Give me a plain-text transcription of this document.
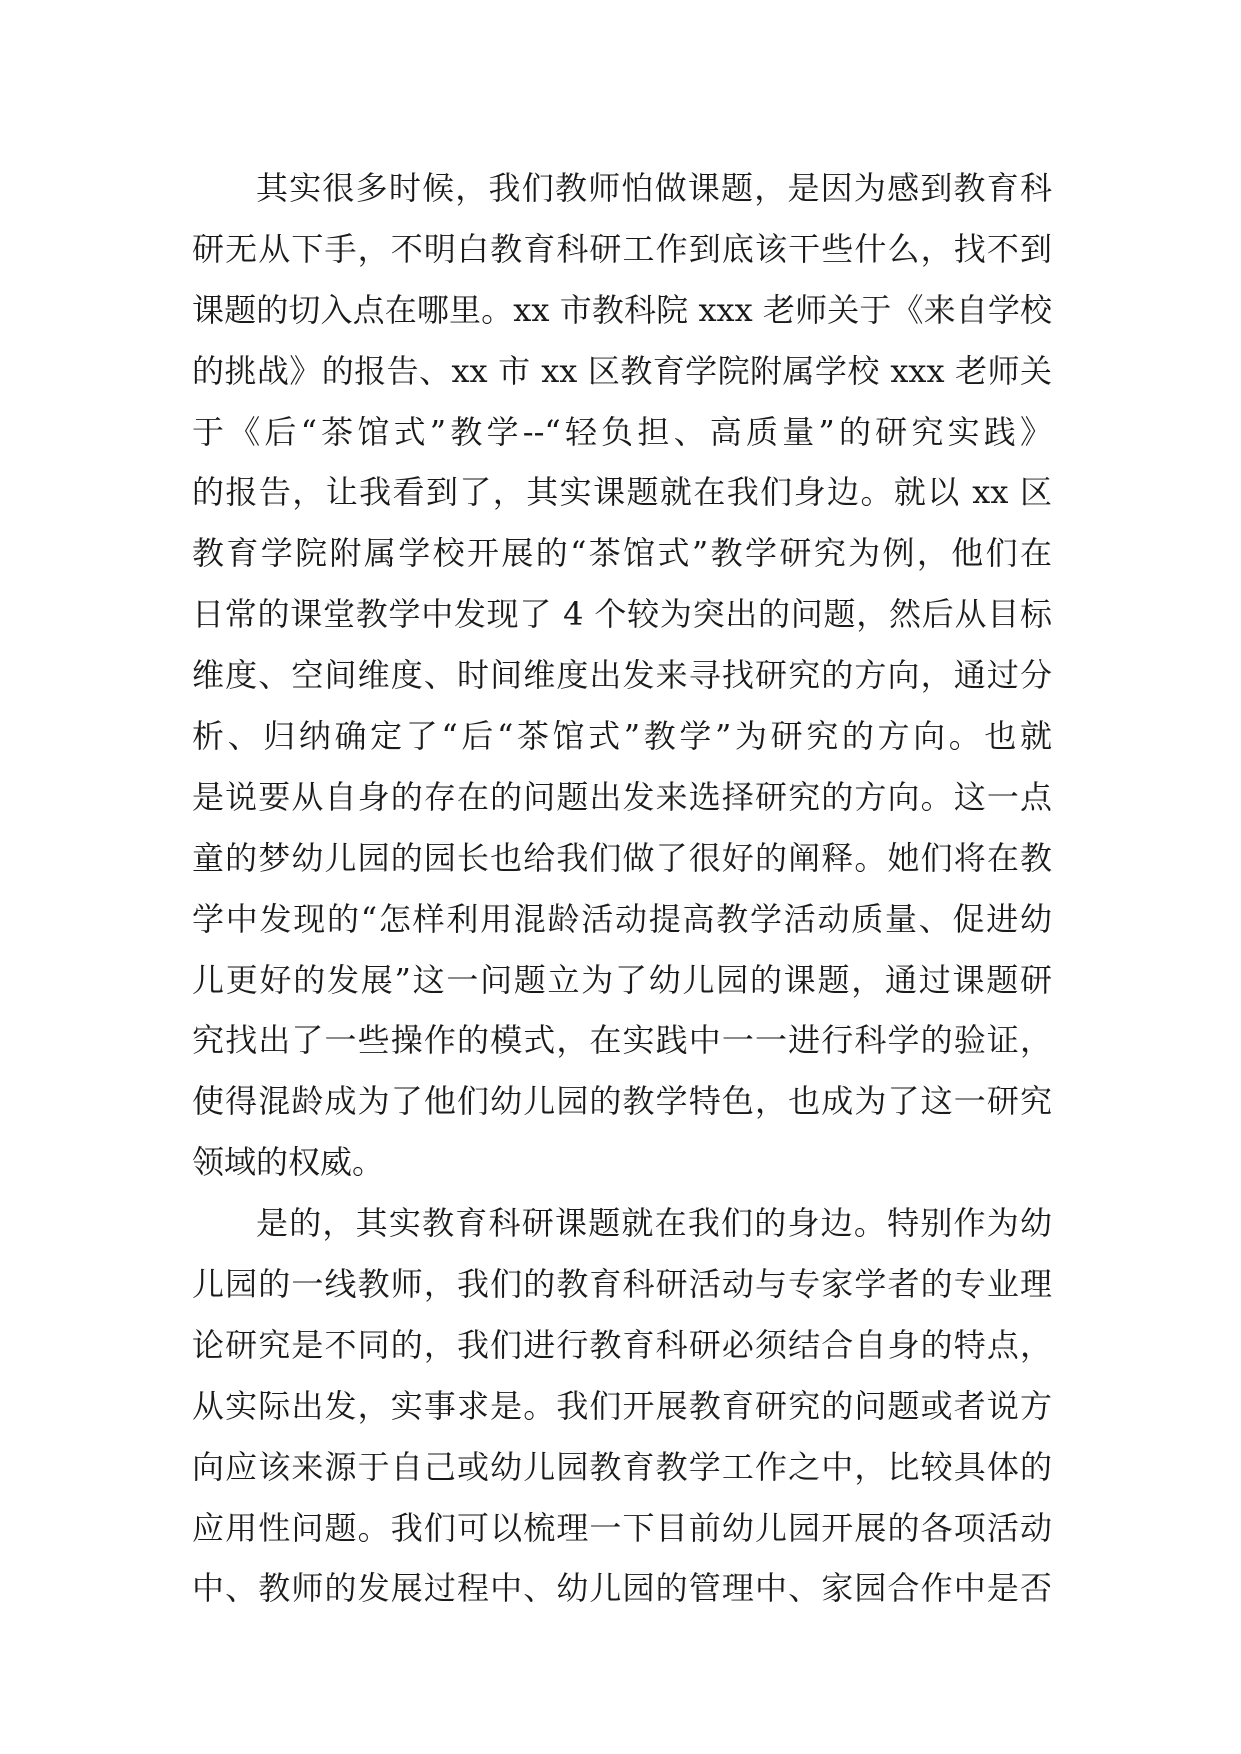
其实很多时候，我们教师怕做课题，是因为感到教育科
研无从下手，不明白教育科研工作到底该干些什么，找不到
课题的切入点在哪里。xx 市教科院 xxx 老师关于《来自学校
的挑战》的报告、xx 市 xx 区教育学院附属学校 xxx 老师关
于《后“茶馆式”教学--“轻负担、高质量”的研究实践》
的报告，让我看到了，其实课题就在我们身边。就以 xx 区
教育学院附属学校开展的“茶馆式”教学研究为例，他们在
日常的课堂教学中发现了 4 个较为突出的问题，然后从目标
维度、空间维度、时间维度出发来寻找研究的方向，通过分
析、归纳确定了“后“茶馆式”教学”为研究的方向。也就
是说要从自身的存在的问题出发来选择研究的方向。这一点
童的梦幼儿园的园长也给我们做了很好的阐释。她们将在教
学中发现的“怎样利用混龄活动提高教学活动质量、促进幼
儿更好的发展”这一问题立为了幼儿园的课题，通过课题研
究找出了一些操作的模式，在实践中一一进行科学的验证，
使得混龄成为了他们幼儿园的教学特色，也成为了这一研究
领域的权威。
是的，其实教育科研课题就在我们的身边。特别作为幼
儿园的一线教师，我们的教育科研活动与专家学者的专业理
论研究是不同的，我们进行教育科研必须结合自身的特点，
从实际出发，实事求是。我们开展教育研究的问题或者说方
向应该来源于自己或幼儿园教育教学工作之中，比较具体的
应用性问题。我们可以梳理一下目前幼儿园开展的各项活动
中、教师的发展过程中、幼儿园的管理中、家园合作中是否
